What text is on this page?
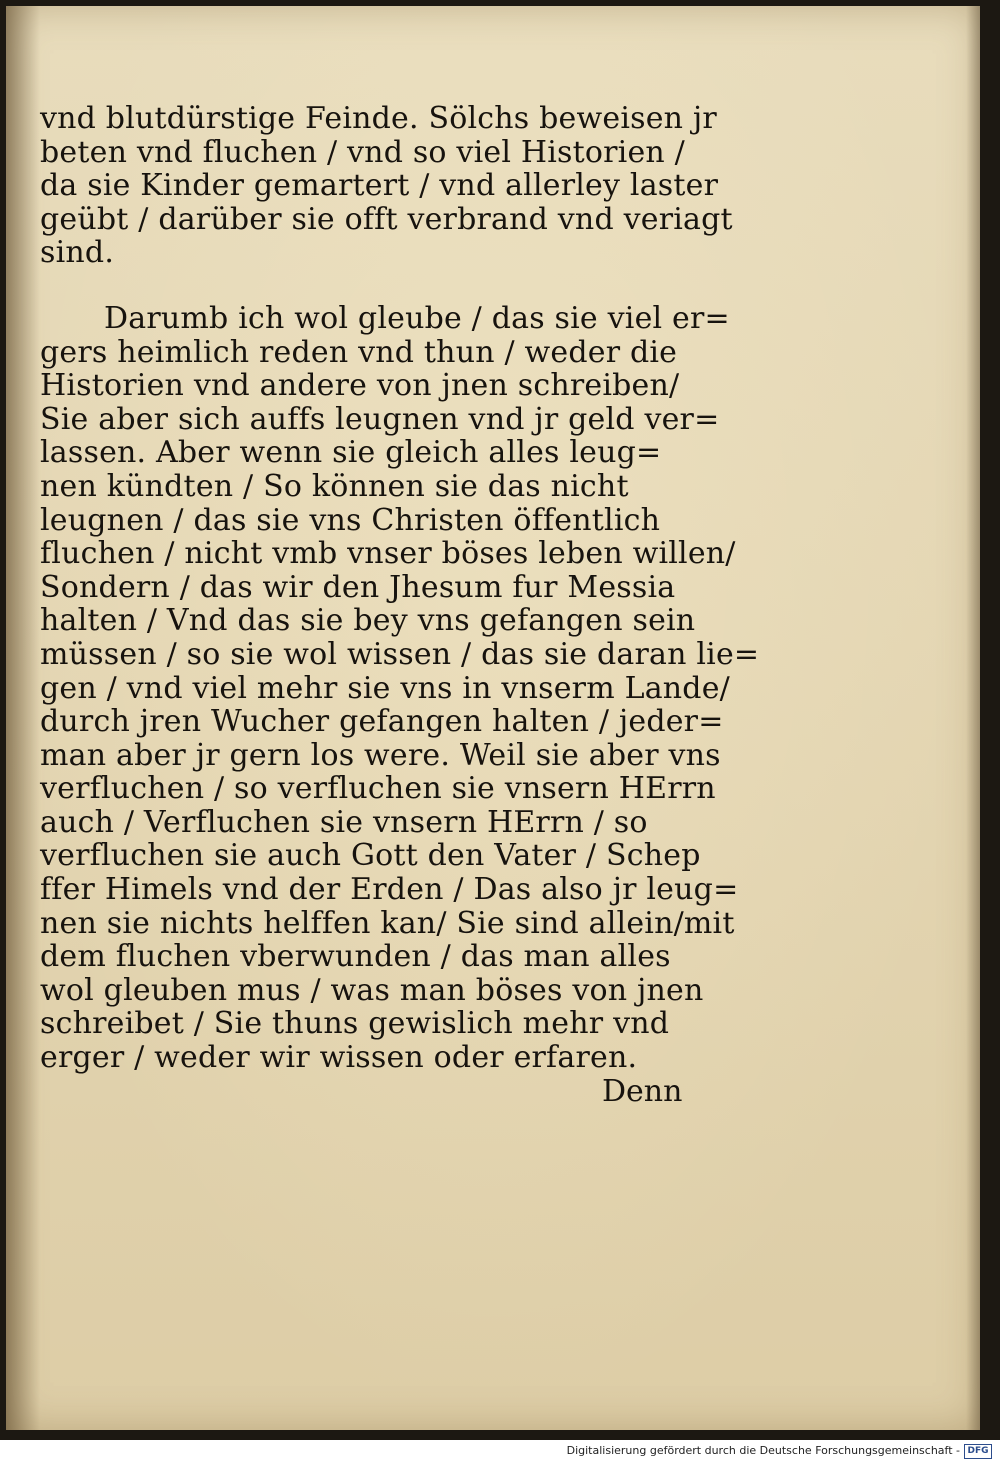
vnd blutdürstige Feinde. Sölchs beweisen jr
beten vnd fluchen / vnd so viel Historien /
da sie Kinder gemartert / vnd allerley laster
geübt / darüber sie offt verbrand vnd veriagt
sind.
Darumb ich wol gleube / das sie viel er=
gers heimlich reden vnd thun / weder die
Historien vnd andere von jnen schreiben/
Sie aber sich auffs leugnen vnd jr geld ver=
lassen. Aber wenn sie gleich alles leug=
nen kündten / So können sie das nicht
leugnen / das sie vns Christen öffentlich
fluchen / nicht vmb vnser böses leben willen/
Sondern / das wir den Jhesum fur Messia
halten / Vnd das sie bey vns gefangen sein
müssen / so sie wol wissen / das sie daran lie=
gen / vnd viel mehr sie vns in vnserm Lande/
durch jren Wucher gefangen halten / jeder=
man aber jr gern los were. Weil sie aber vns
verfluchen / so verfluchen sie vnsern HErrn
auch / Verfluchen sie vnsern HErrn / so
verfluchen sie auch Gott den Vater / Schep
ffer Himels vnd der Erden / Das also jr leug=
nen sie nichts helffen kan/ Sie sind allein/mit
dem fluchen vberwunden / das man alles
wol gleuben mus / was man böses von jnen
schreibet / Sie thuns gewislich mehr vnd
erger / weder wir wissen oder erfaren.
Denn
Digitalisierung gefördert durch die Deutsche Forschungsgemeinschaft - DFG
